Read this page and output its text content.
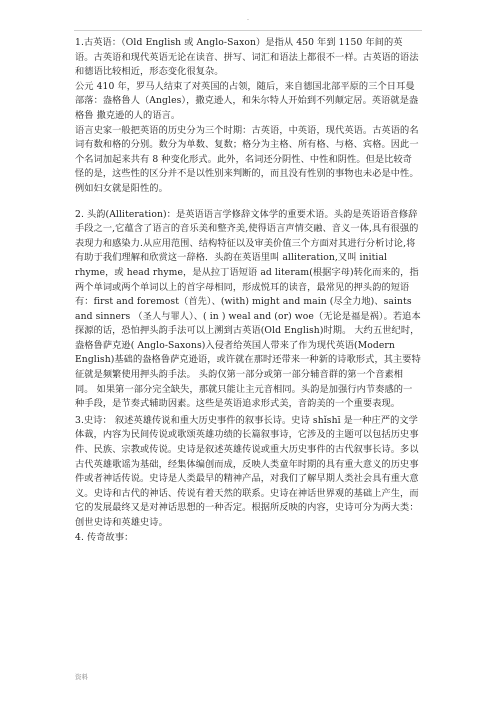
.

1.古英语：（Old English 或 Anglo-Saxon）是指从 450 年到 1150 年间的英语。古英语和现代英语无论在读音、拼写、词汇和语法上都很不一样。古英语的语法和德语比较相近，形态变化很复杂。

公元 410 年，罗马人结束了对英国的占领，随后，来自德国北部平原的三个日耳曼部落：盎格鲁人（Angles），撒克逊人，和朱尔特人开始到不列颠定居。英语就是盎格鲁 撒克逊的人的语言。

语言史家一般把英语的历史分为三个时期：古英语，中英语，现代英语。古英语的名词有数和格的分别。数分为单数、复数；格分为主格、所有格、与格、宾格。因此一个名词加起来共有 8 种变化形式。此外，名词还分阴性、中性和阴性。但是比较奇怪的是，这些性的区分并不是以性别来判断的，而且没有性别的事物也未必是中性。例如妇女就是阳性的。

2. 头韵(Alliteration)：是英语语言学修辞文体学的重要术语。头韵是英语语音修辞手段之一,它蕴含了语言的音乐美和整齐美,使得语言声情交融、音义一体,具有很强的表现力和感染力.从应用范围、结构特征以及审美价值三个方面对其进行分析讨论,将有助于我们理解和欣赏这一辞格．头韵在英语里叫 alliteration,又叫 initial rhyme，或 head rhyme，是从拉丁语短语 ad literam(根据字母)转化而来的，指两个单词或两个单词以上的首字母相同，形成悦耳的读音，最常见的押头韵的短语有：first and foremost（首先）、(with) might and main (尽全力地)、saints and sinners （圣人与罪人）、( in ) weal and (or) woe（无论是福是祸）。若追本探源的话，恐怕押头韵手法可以上溯到古英语(Old English)时期。 大约五世纪时，盎格鲁萨克逊( Anglo-Saxons)入侵者给英国人带来了作为现代英语(Modern English)基础的盎格鲁萨克逊语，或许就在那时还带来一种新的诗歌形式，其主要特征就是频繁使用押头韵手法。 头韵仅第一部分或第一部分辅音群的第一个音素相同。 如果第一部分完全缺失，那就只能让主元音相同。头韵是加强行内节奏感的一种手段，是节奏式辅助因素。这些是英语追求形式美，音韵美的一个重要表现。

3.史诗： 叙述英雄传说和重大历史事件的叙事长诗。史诗 shǐshī 是一种庄严的文学体裁，内容为民间传说或歌颂英雄功绩的长篇叙事诗，它涉及的主题可以包括历史事件、民族、宗教或传说。史诗是叙述英雄传说或重大历史事件的古代叙事长诗。多以古代英雄歌谣为基础，经集体编创而成，反映人类童年时期的具有重大意义的历史事件或者神话传说。史诗是人类最早的精神产品，对我们了解早期人类社会具有重大意义。史诗和古代的神话、传说有着天然的联系。史诗在神话世界观的基础上产生，而它的发展最终又是对神话思想的一种否定。根据所反映的内容，史诗可分为两大类：创世史诗和英雄史诗。

4. 传奇故事：

资料
